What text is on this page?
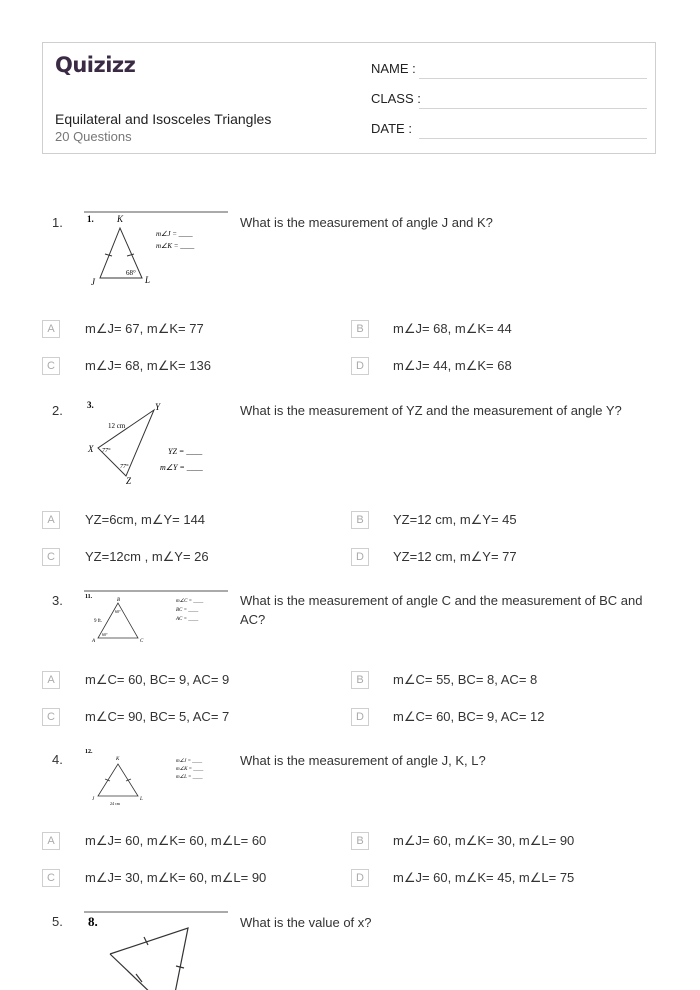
Quizizz
Equilateral and Isosceles Triangles
20 Questions
NAME :
CLASS :
DATE :
1.	1.	K
J	L
68°
m∠J = ____
m∠K = ____
What is the measurement of angle J and K?
A	m∠J= 67, m∠K= 77	B	m∠J= 68, m∠K= 44
C	m∠J= 68, m∠K= 136	D	m∠J= 44, m∠K= 68
2.	3.	Y
X
Z
12 cm
77°
77°
YZ = ____
m∠Y = ____
What is the measurement of YZ and the measurement of angle Y?
A	YZ=6cm, m∠Y= 144	B	YZ=12 cm, m∠Y= 45
C	YZ=12cm , m∠Y= 26	D	YZ=12 cm, m∠Y= 77
3.	11.
B
A	C
9 ft.
60°
60°
m∠C = ____
BC = ____
AC = ____
What is the measurement of angle C and the measurement of BC and AC?
A	m∠C= 60, BC= 9, AC= 9	B	m∠C= 55, BC= 8, AC= 8
C	m∠C= 90, BC= 5, AC= 7	D	m∠C= 60, BC= 9, AC= 12
4.	12.
K
J	L
24 cm
m∠J = ____
m∠K = ____
m∠L = ____
What is the measurement of angle J, K, L?
A	m∠J= 60, m∠K= 60, m∠L= 60	B	m∠J= 60, m∠K= 30, m∠L= 90
C	m∠J= 30, m∠K= 60, m∠L= 90	D	m∠J= 60, m∠K= 45, m∠L= 75
5. 8.	What is the value of x?
